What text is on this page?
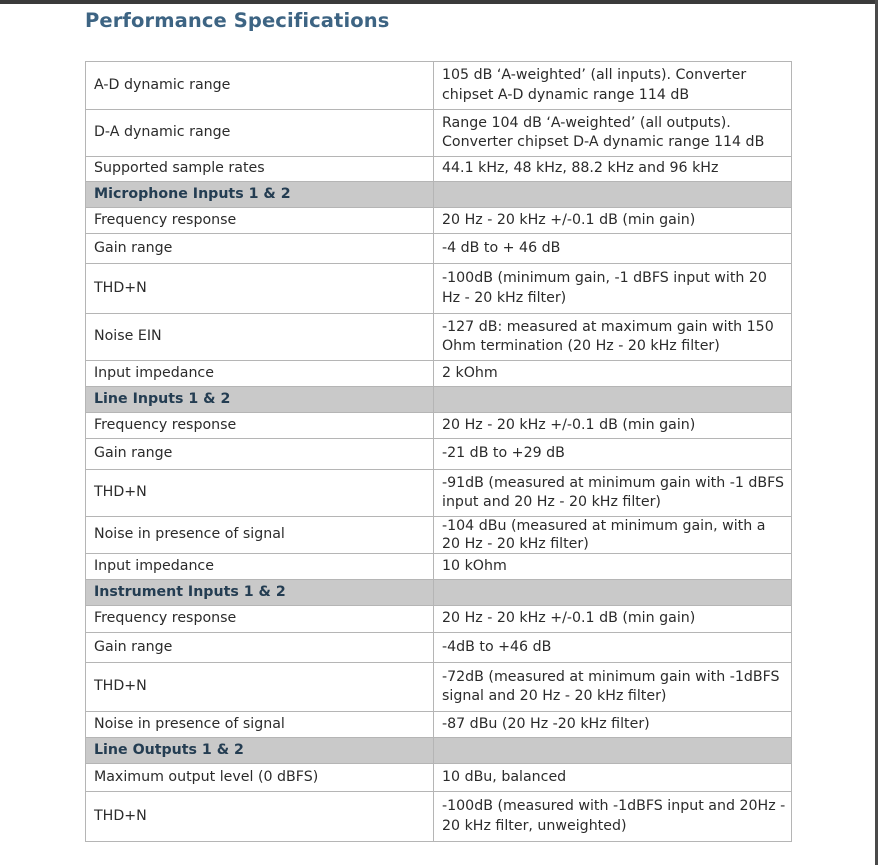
Performance Specifications
A-D dynamic range	105 dB ‘A-weighted’ (all inputs). Converter chipset A-D dynamic range 114 dB
D-A dynamic range	Range 104 dB ‘A-weighted’ (all outputs). Converter chipset D-A dynamic range 114 dB
Supported sample rates	44.1 kHz, 48 kHz, 88.2 kHz and 96 kHz
Microphone Inputs 1 & 2	
Frequency response	20 Hz - 20 kHz +/-0.1 dB (min gain)
Gain range	-4 dB to + 46 dB
THD+N	-100dB (minimum gain, -1 dBFS input with 20 Hz - 20 kHz filter)
Noise EIN	-127 dB: measured at maximum gain with 150 Ohm termination (20 Hz - 20 kHz filter)
Input impedance	2 kOhm
Line Inputs 1 & 2	
Frequency response	20 Hz - 20 kHz +/-0.1 dB (min gain)
Gain range	-21 dB to +29 dB
THD+N	-91dB (measured at minimum gain with -1 dBFS input and 20 Hz - 20 kHz filter)
Noise in presence of signal	-104 dBu (measured at minimum gain, with a 20 Hz - 20 kHz filter)
Input impedance	10 kOhm
Instrument Inputs 1 & 2	
Frequency response	20 Hz - 20 kHz +/-0.1 dB (min gain)
Gain range	-4dB to +46 dB
THD+N	-72dB (measured at minimum gain with -1dBFS signal and 20 Hz - 20 kHz filter)
Noise in presence of signal	-87 dBu (20 Hz -20 kHz filter)
Line Outputs 1 & 2	
Maximum output level (0 dBFS)	10 dBu, balanced
THD+N	-100dB (measured with -1dBFS input and 20Hz - 20 kHz filter, unweighted)
